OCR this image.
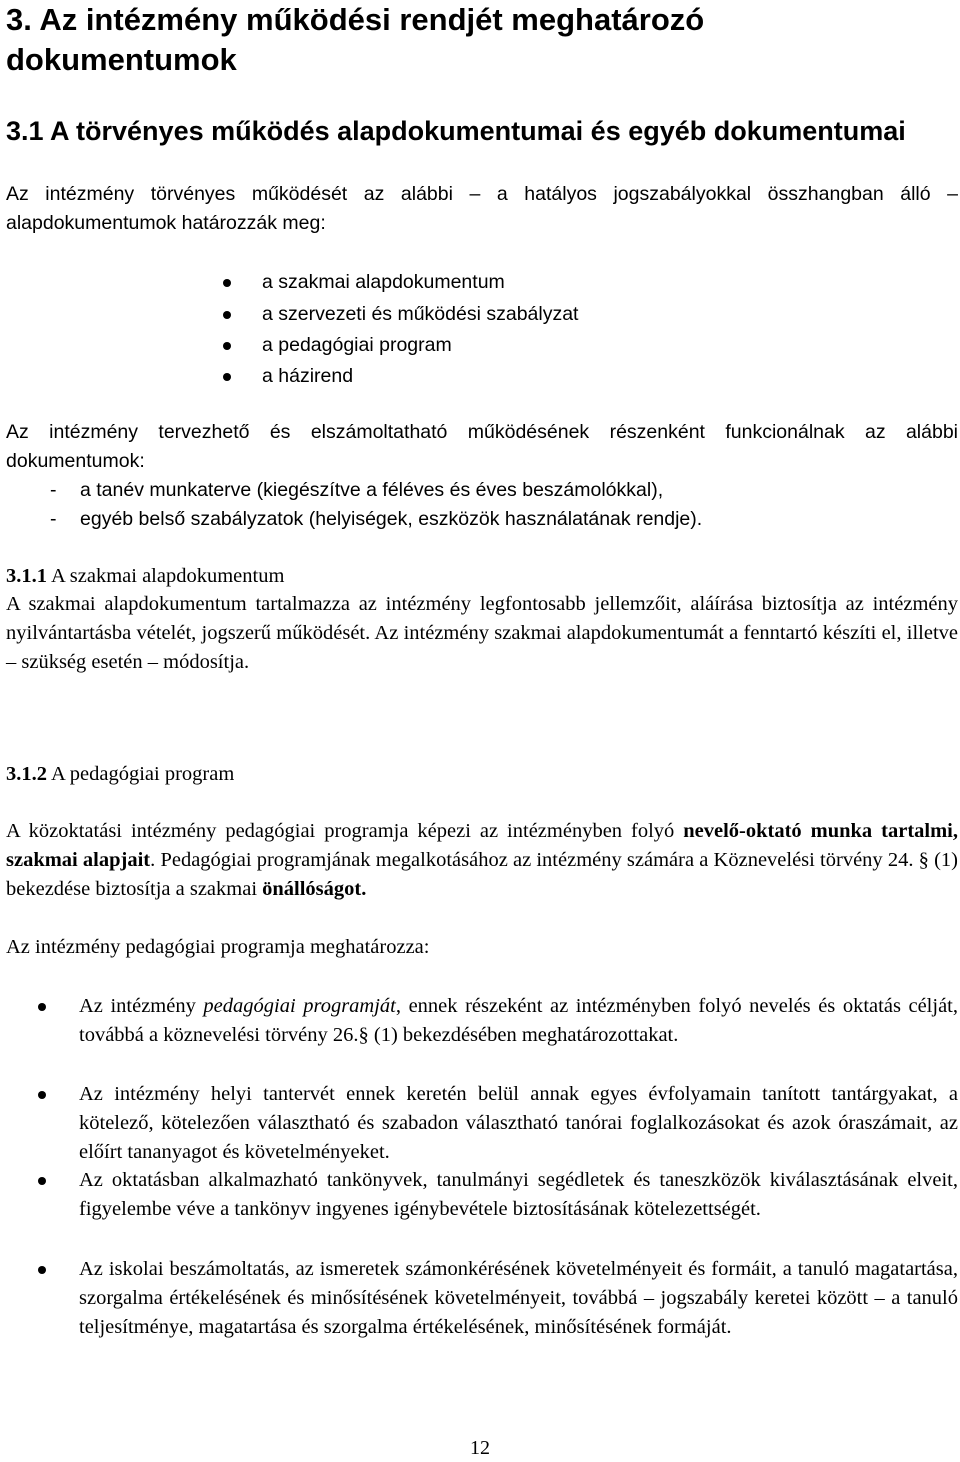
3. Az intézmény működési rendjét meghatározó dokumentumok
3.1 A törvényes működés alapdokumentumai és egyéb dokumentumai

Az intézmény törvényes működését az alábbi – a hatályos jogszabályokkal összhangban álló – alapdokumentumok határozzák meg:

a szakmai alapdokumentum
a szervezeti és működési szabályzat
a pedagógiai program
a házirend

Az intézmény tervezhető és elszámoltatható működésének részenként funkcionálnak az alábbi dokumentumok:

- a tanév munkaterve (kiegészítve a féléves és éves beszámolókkal),
- egyéb belső szabályzatok (helyiségek, eszközök használatának rendje).

3.1.1 A szakmai alapdokumentum

A szakmai alapdokumentum tartalmazza az intézmény legfontosabb jellemzőit, aláírása biztosítja az intézmény nyilvántartásba vételét, jogszerű működését. Az intézmény szakmai alapdokumentumát a fenntartó készíti el, illetve – szükség esetén – módosítja.

3.1.2 A pedagógiai program

A közoktatási intézmény pedagógiai programja képezi az intézményben folyó nevelő-oktató munka tartalmi, szakmai alapjait. Pedagógiai programjának megalkotásához az intézmény számára a Köznevelési törvény 24. § (1) bekezdése biztosítja a szakmai önállóságot.

Az intézmény pedagógiai programja meghatározza:

Az intézmény pedagógiai programját, ennek részeként az intézményben folyó nevelés és oktatás célját, továbbá a köznevelési törvény 26.§ (1) bekezdésében meghatározottakat.

Az intézmény helyi tantervét ennek keretén belül annak egyes évfolyamain tanított tantárgyakat, a kötelező, kötelezően választható és szabadon választható tanórai foglalkozásokat és azok óraszámait, az előírt tananyagot és követelményeket.

Az oktatásban alkalmazható tankönyvek, tanulmányi segédletek és taneszközök kiválasztásának elveit, figyelembe véve a tankönyv ingyenes igénybevétele biztosításának kötelezettségét.

Az iskolai beszámoltatás, az ismeretek számonkérésének követelményeit és formáit, a tanuló magatartása, szorgalma értékelésének és minősítésének követelményeit, továbbá – jogszabály keretei között – a tanuló teljesítménye, magatartása és szorgalma értékelésének, minősítésének formáját.

12
